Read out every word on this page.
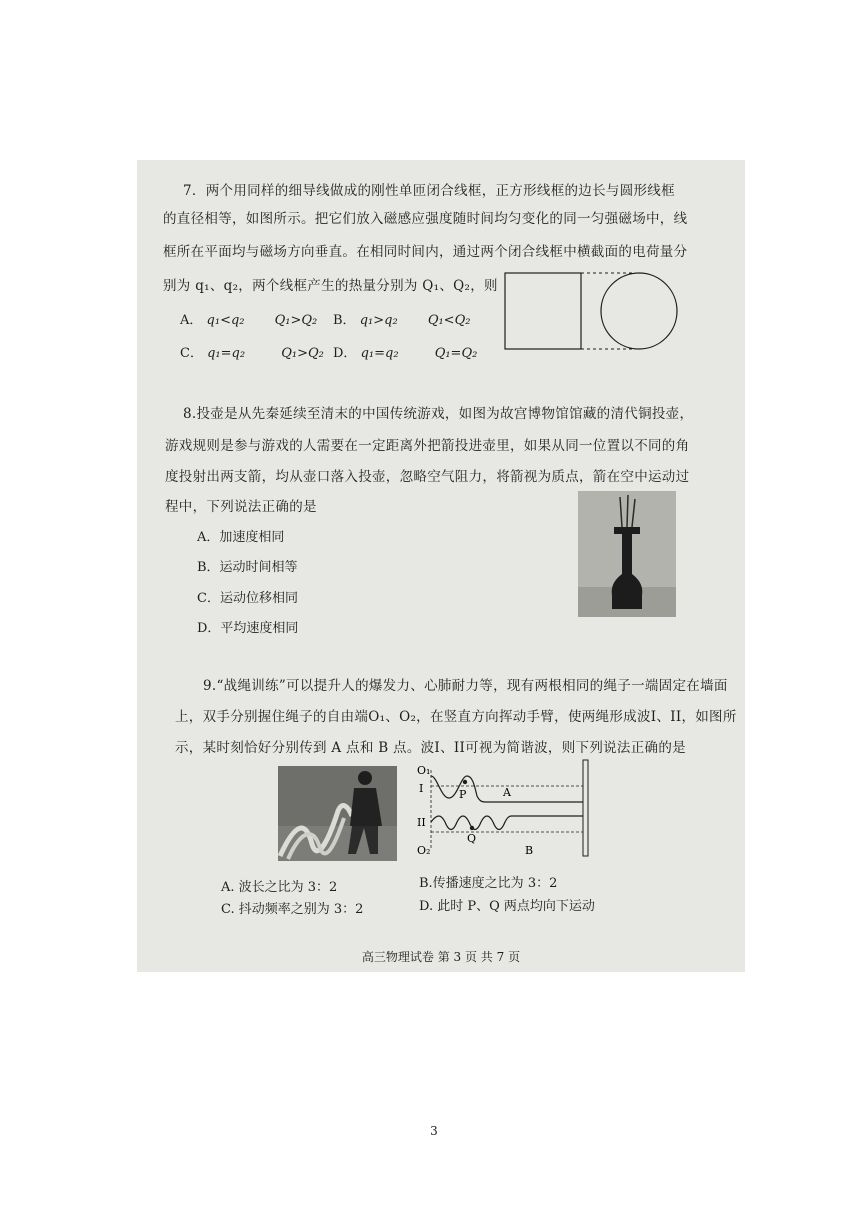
7．两个用同样的细导线做成的刚性单匝闭合线框，正方形线框的边长与圆形线框
的直径相等，如图所示。把它们放入磁感应强度随时间均匀变化的同一匀强磁场中，线
框所在平面均与磁场方向垂直。在相同时间内，通过两个闭合线框中横截面的电荷量分
别为 q₁、q₂，两个线框产生的热量分别为 Q₁、Q₂，则
A． q₁<q₂ Q₁>Q₂ B． q₁>q₂ Q₁<Q₂
C． q₁=q₂	Q₁>Q₂ D． q₁=q₂	Q₁=Q₂
8.投壶是从先秦延续至清末的中国传统游戏，如图为故宫博物馆馆藏的清代铜投壶，
游戏规则是参与游戏的人需要在一定距离外把箭投进壶里，如果从同一位置以不同的角
度投射出两支箭，均从壶口落入投壶，忽略空气阻力，将箭视为质点，箭在空中运动过
程中，下列说法正确的是
A．加速度相同
B．运动时间相等
C．运动位移相同
D．平均速度相同
9.“战绳训练”可以提升人的爆发力、心肺耐力等，现有两根相同的绳子一端固定在墙面
上，双手分别握住绳子的自由端O₁、O₂，在竖直方向挥动手臂，使两绳形成波I、II，如图所
示，某时刻恰好分别传到 A 点和 B 点。波I、II可视为简谐波，则下列说法正确的是
O₁
I	P	A
II
Q
O₂	B
A. 波长之比为 3：2	B.传播速度之比为 3：2
C. 抖动频率之别为 3：2	D. 此时 P、Q 两点均向下运动
高三物理试卷 第 3 页 共 7 页
3
